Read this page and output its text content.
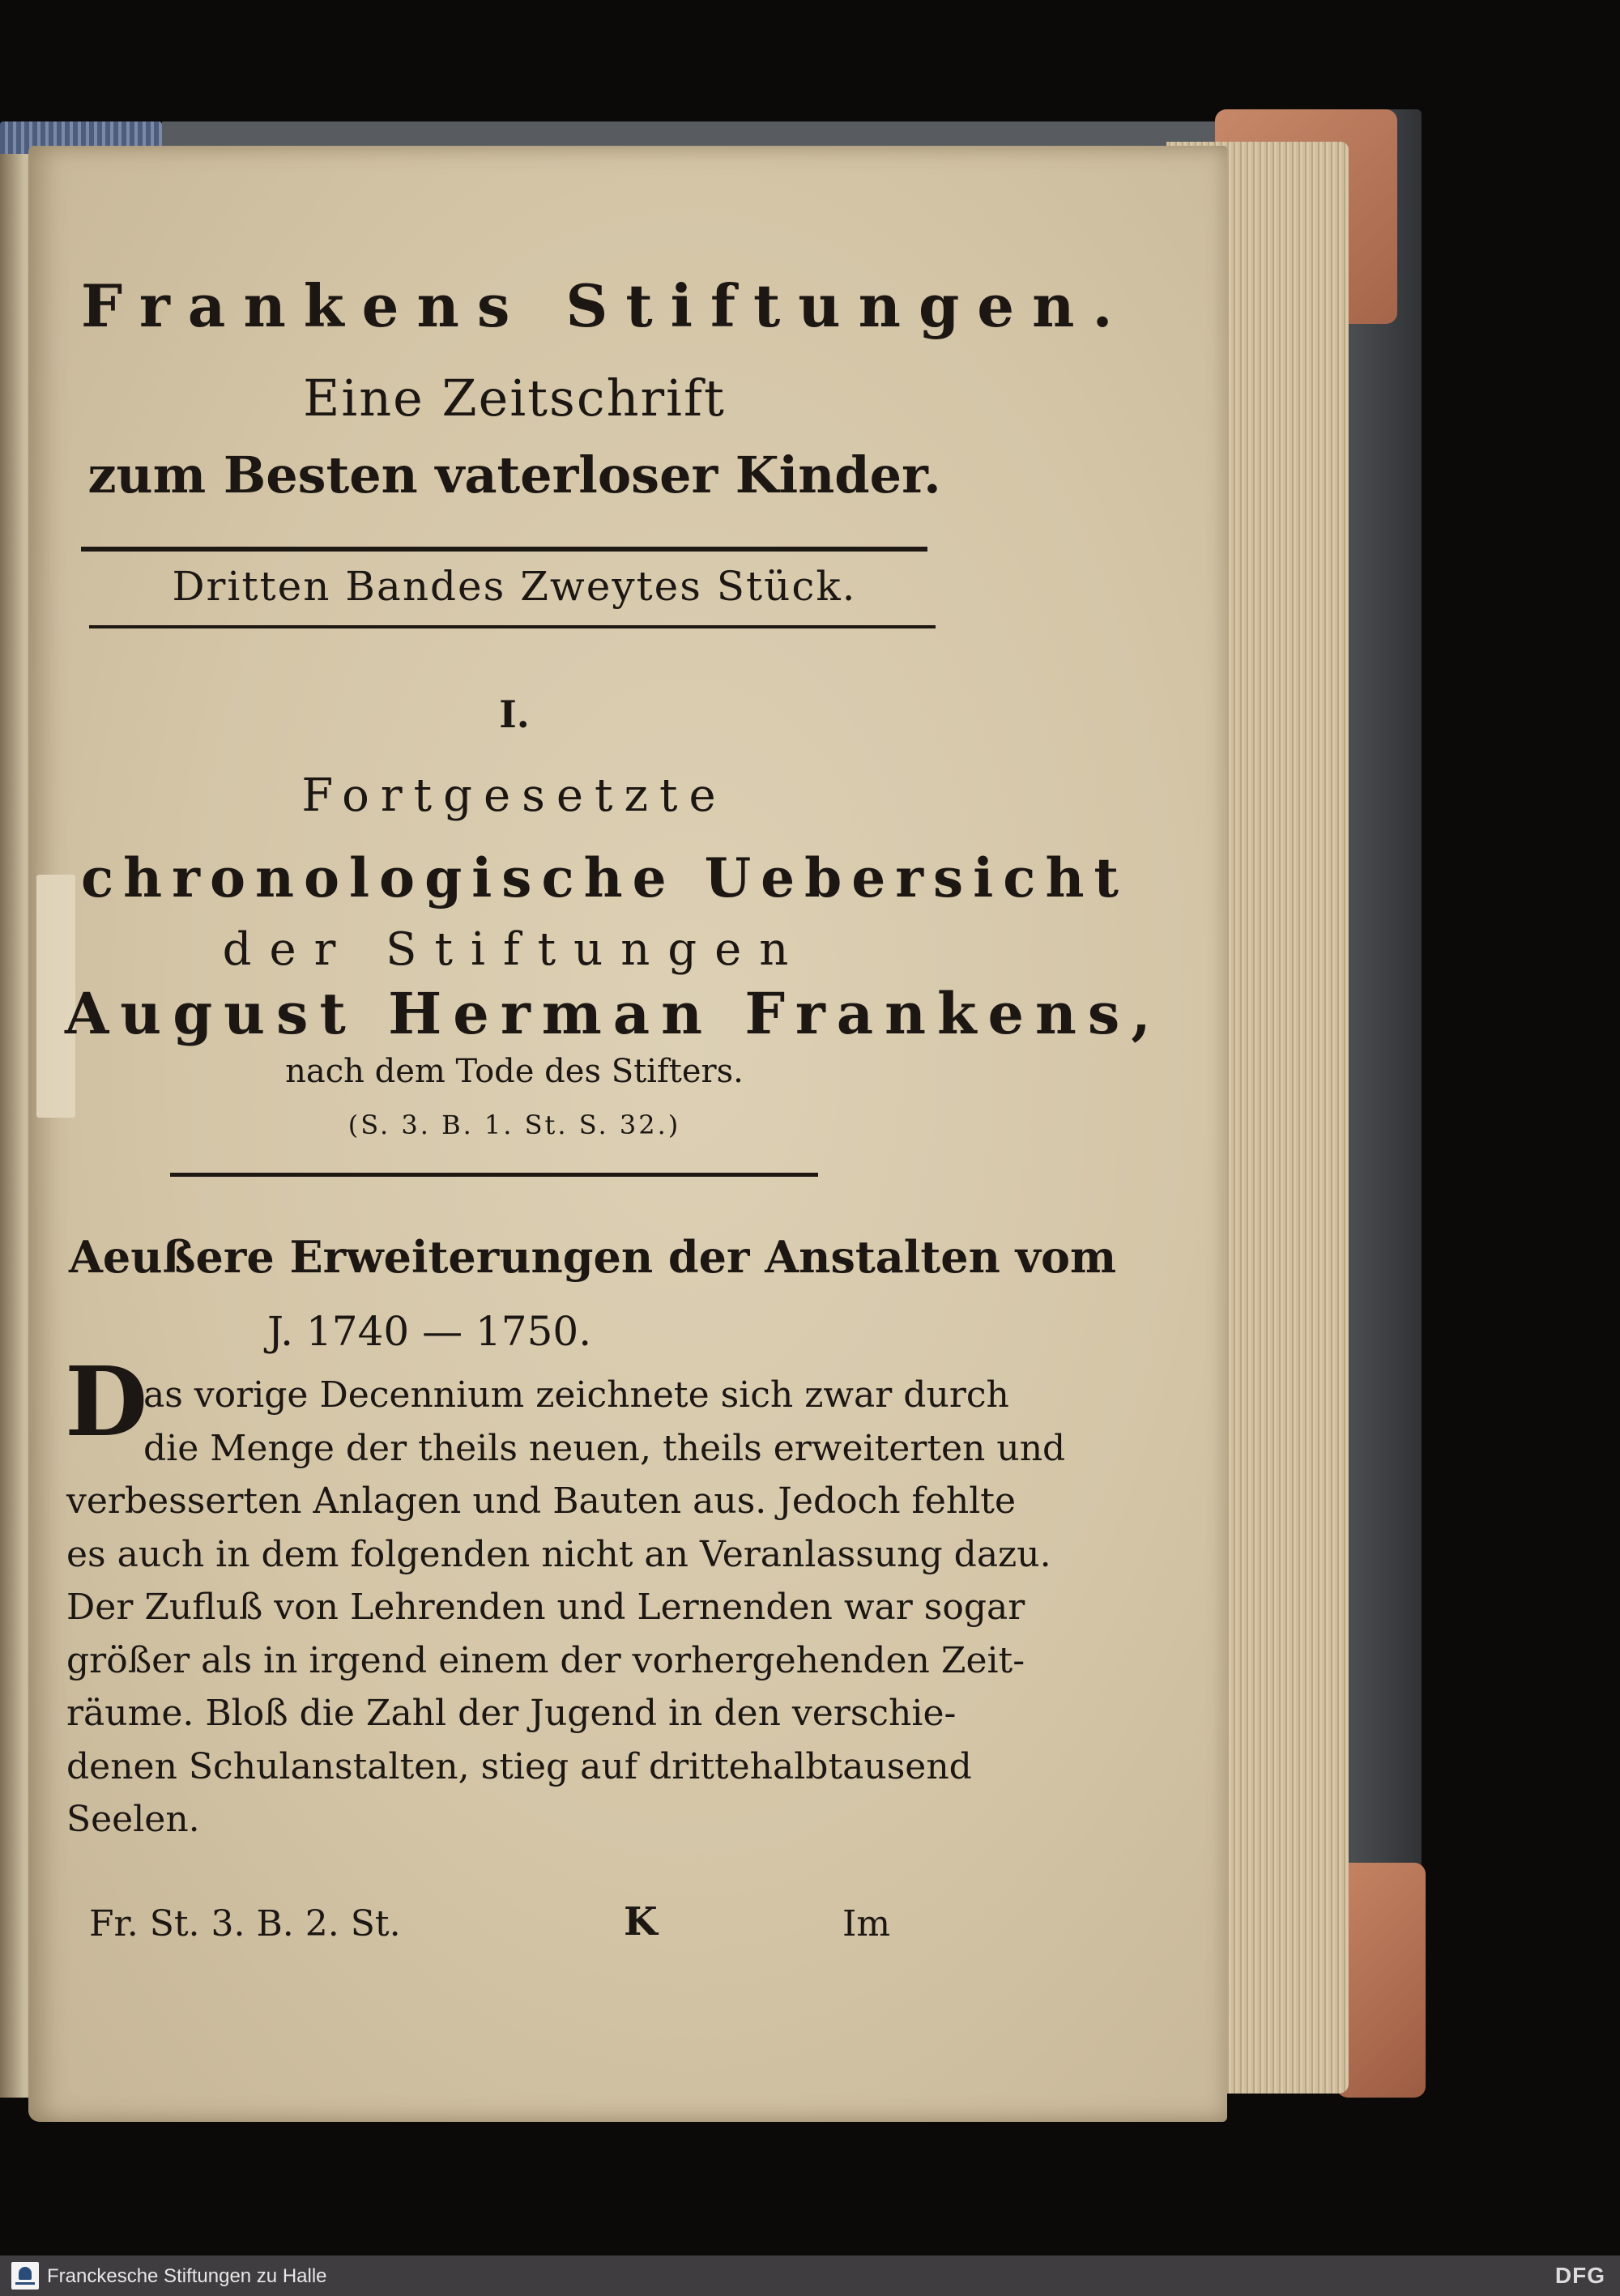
Frankens Stiftungen.
Eine Zeitschrift
zum Besten vaterloser Kinder.
Dritten Bandes Zweytes Stück.
I.
Fortgesetzte
chronologische Uebersicht
der Stiftungen
August Herman Frankens,
nach dem Tode des Stifters.
(S. 3. B. 1. St. S. 32.)
Aeußere Erweiterungen der Anstalten vom
J. 1740 — 1750.
D
as vorige Decennium zeichnete sich zwar durch
die Menge der theils neuen, theils erweiterten und
verbesserten Anlagen und Bauten aus. Jedoch fehlte
es auch in dem folgenden nicht an Veranlassung dazu.
Der Zufluß von Lehrenden und Lernenden war sogar
größer als in irgend einem der vorhergehenden Zeit-
räume. Bloß die Zahl der Jugend in den verschie-
denen Schulanstalten, stieg auf drittehalbtausend
Seelen.
Fr. St. 3. B. 2. St.	K	Im
Franckesche Stiftungen zu Halle	DFG
